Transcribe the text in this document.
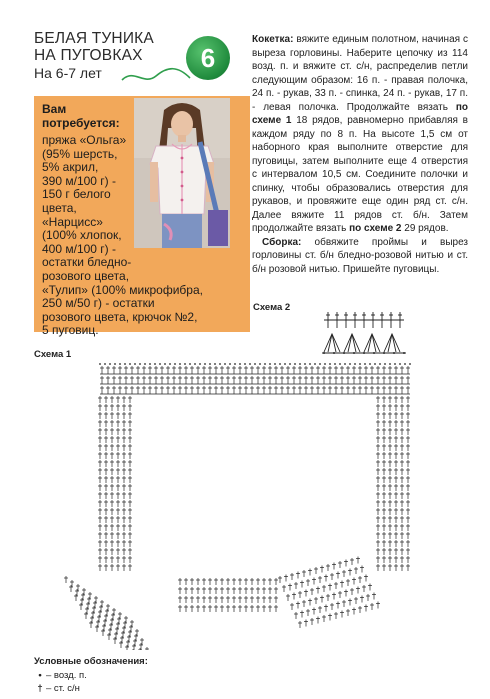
БЕЛАЯ ТУНИКА
НА ПУГОВКАХ
На 6-7 лет	6
Вам потребуется:
пряжа «Ольга»
(95% шерсть,
5% акрил,
390 м/100 г) -
150 г белого
цвета,
«Нарцисс»
(100% хлопок,
400 м/100 г) -
остатки бледно-
розового цвета,
«Тулип» (100% микрофибра,
250 м/50 г) - остатки
розового цвета, крючок №2,
5 пуговиц.

Кокетка: вяжите единым полотном, начиная с выреза горловины. Наберите цепочку из 114 возд. п. и вяжите ст. с/н, распределив петли следующим образом: 16 п. - правая полочка, 24 п. - рукав, 33 п. - спинка, 24 п. - рукав, 17 п. - левая полочка. Продолжайте вязать по схеме 1 18 рядов, равномерно прибавляя в каждом ряду по 8 п. На высоте 1,5 см от наборного края выполните отверстие для пуговицы, затем выполните еще 4 отверстия с интервалом 10,5 см. Соедините полочки и спинку, чтобы образовались отверстия для рукавов, и провяжите еще один ряд ст. с/н. Далее вяжите 11 рядов ст. б/н. Затем продолжайте вязать по схеме 2 29 рядов.

Сборка: обвяжите проймы и вырез горловины ст. б/н бледно-розовой нитью и ст. б/н розовой нитью. Пришейте пуговицы.

Схема 2
Схема 1
Условные обозначения:
• – возд. п.
† – ст. с/н
